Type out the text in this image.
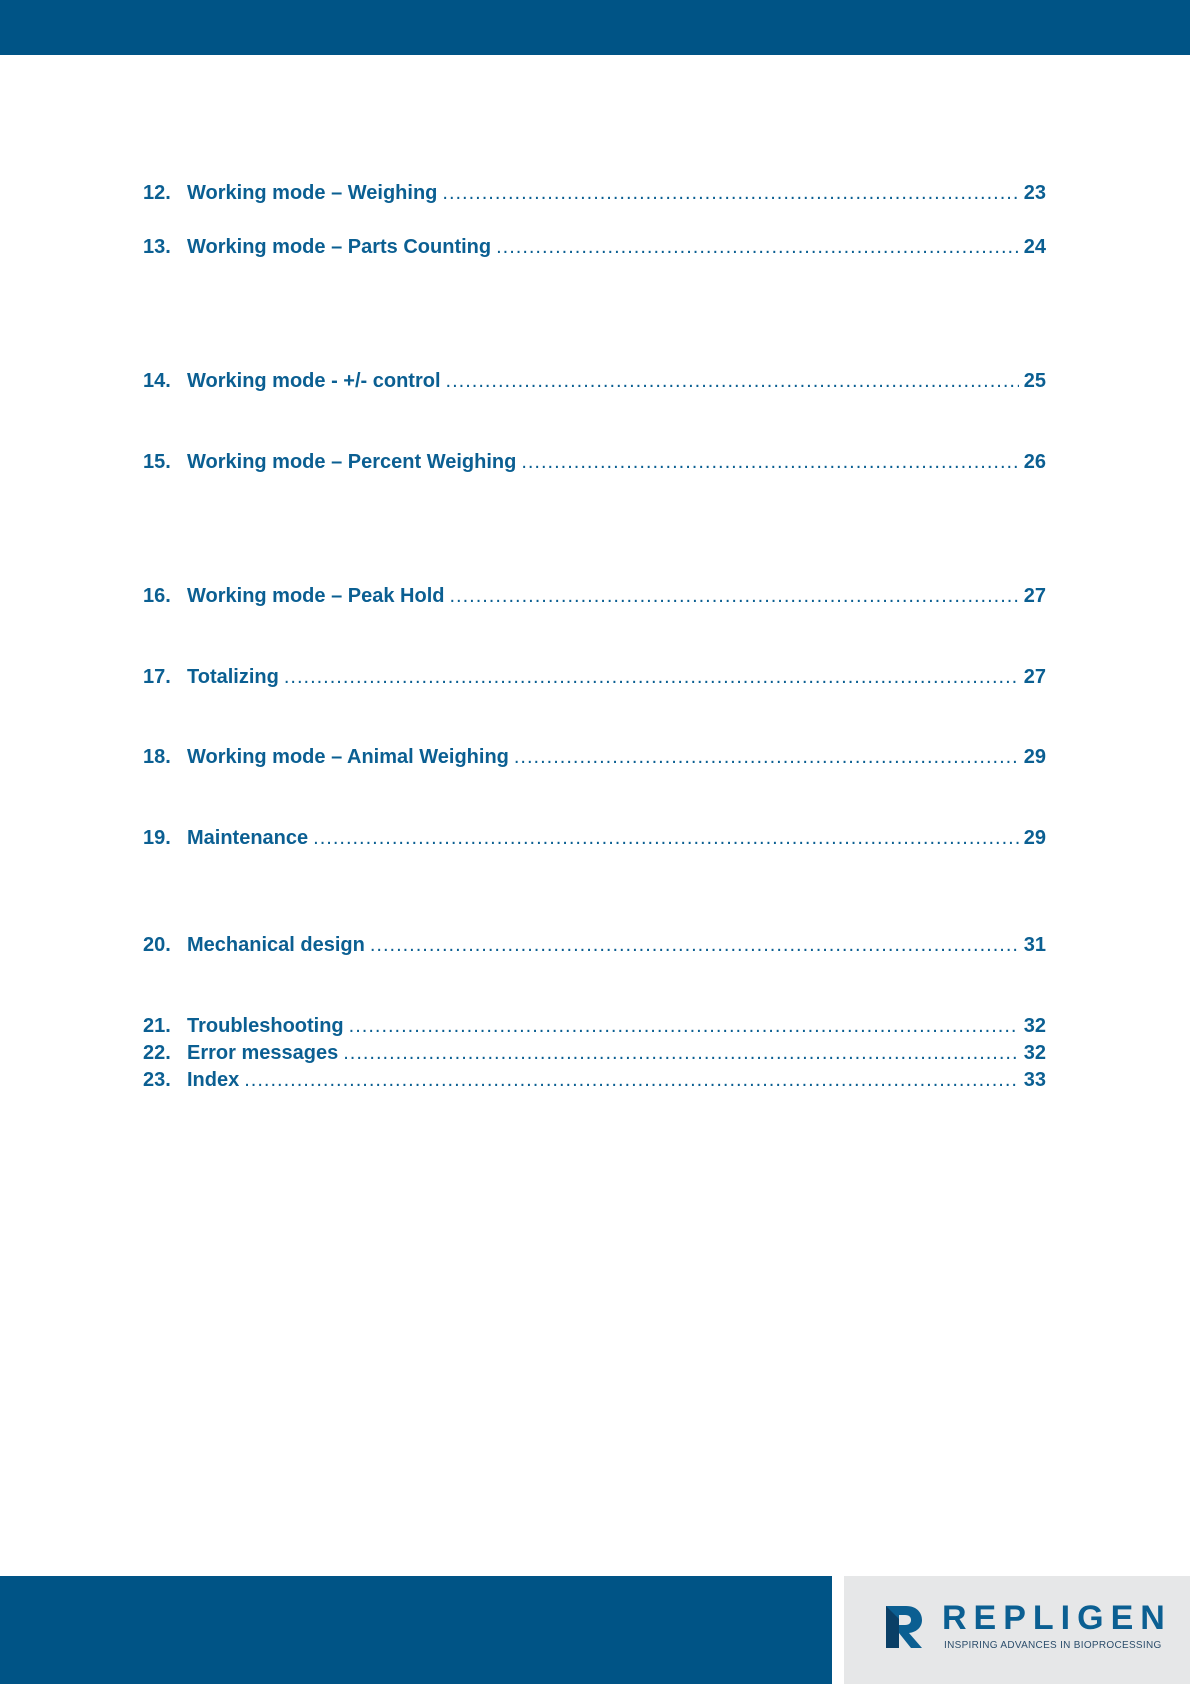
12. Working mode – Weighing .....	23
13. Working mode – Parts Counting .....	24
14. Working mode - +/- control .....	25
15. Working mode – Percent Weighing .....	26
16. Working mode – Peak Hold .....	27
17. Totalizing .....	27
18. Working mode – Animal Weighing .....	29
19. Maintenance .....	29
20. Mechanical design .....	31
21. Troubleshooting .....	32
22. Error messages .....	32
23. Index .....	33
REPLIGEN
INSPIRING ADVANCES IN BIOPROCESSING
